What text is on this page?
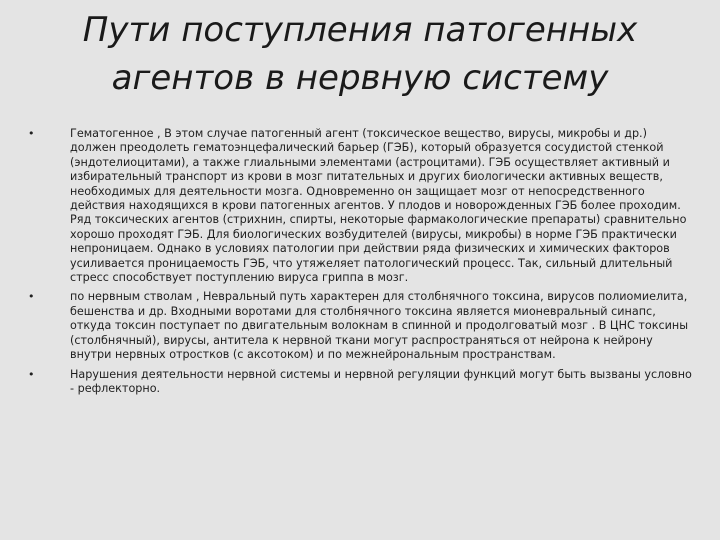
Пути поступления патогенных агентов в нервную систему
•	Гематогенное , В этом случае патогенный агент (токсическое вещество, вирусы, микробы и др.) должен преодолеть гематоэнцефалический барьер (ГЭБ), который образуется сосудистой стенкой (эндотелиоцитами), а также глиальными элементами (астроцитами). ГЭБ осуществляет активный и избирательный транспорт из крови в мозг питательных и других биологически активных веществ, необходимых для деятельности мозга. Одновременно он защищает мозг от непосредственного действия находящихся в крови патогенных агентов. У плодов и новорожденных ГЭБ более проходим. Ряд токсических агентов (стрихнин, спирты, некоторые фармакологические препараты) сравнительно хорошо проходят ГЭБ. Для биологических возбудителей (вирусы, микробы) в норме ГЭБ практически непроницаем. Однако в условиях патологии при действии ряда физических и химических факторов усиливается проницаемость ГЭБ, что утяжеляет патологический процесс. Так, сильный длительный стресс способствует поступлению вируса гриппа в мозг.
•	по нервным стволам , Невральный путь характерен для столбнячного токсина, вирусов полиомиелита, бешенства и др. Входными воротами для столбнячного токсина является мионевральный синапс, откуда токсин поступает по двигательным волокнам в спинной и продолговатый мозг . В ЦНС токсины (столбнячный), вирусы, антитела к нервной ткани могут распространяться от нейрона к нейрону внутри нервных отростков (с аксотоком) и по межнейрональным пространствам.
•	Нарушения деятельности нервной системы и нервной регуляции функций могут быть вызваны условно - рефлекторно.
